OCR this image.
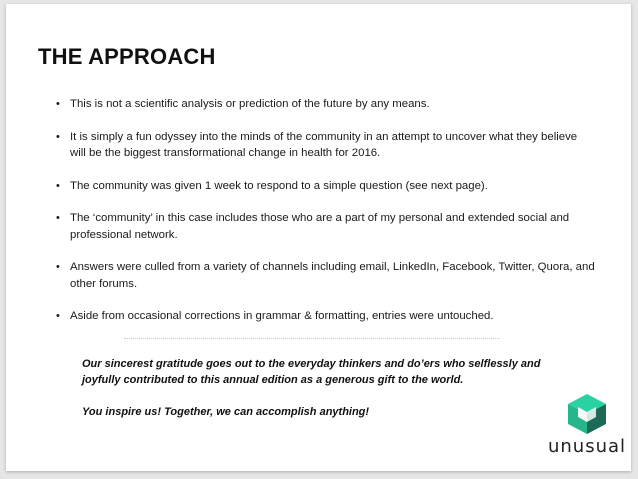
THE APPROACH
• This is not a scientific analysis or prediction of the future by any means.
• It is simply a fun odyssey into the minds of the community in an attempt to uncover what they believe will be the biggest transformational change in health for 2016.
• The community was given 1 week to respond to a simple question (see next page).
• The ‘community’ in this case includes those who are a part of my personal and extended social and professional network.
• Answers were culled from a variety of channels including email, LinkedIn, Facebook, Twitter, Quora, and other forums.
• Aside from occasional corrections in grammar & formatting, entries were untouched.

Our sincerest gratitude goes out to the everyday thinkers and do’ers who selflessly and joyfully contributed to this annual edition as a generous gift to the world.

You inspire us! Together, we can accomplish anything!

unusual
